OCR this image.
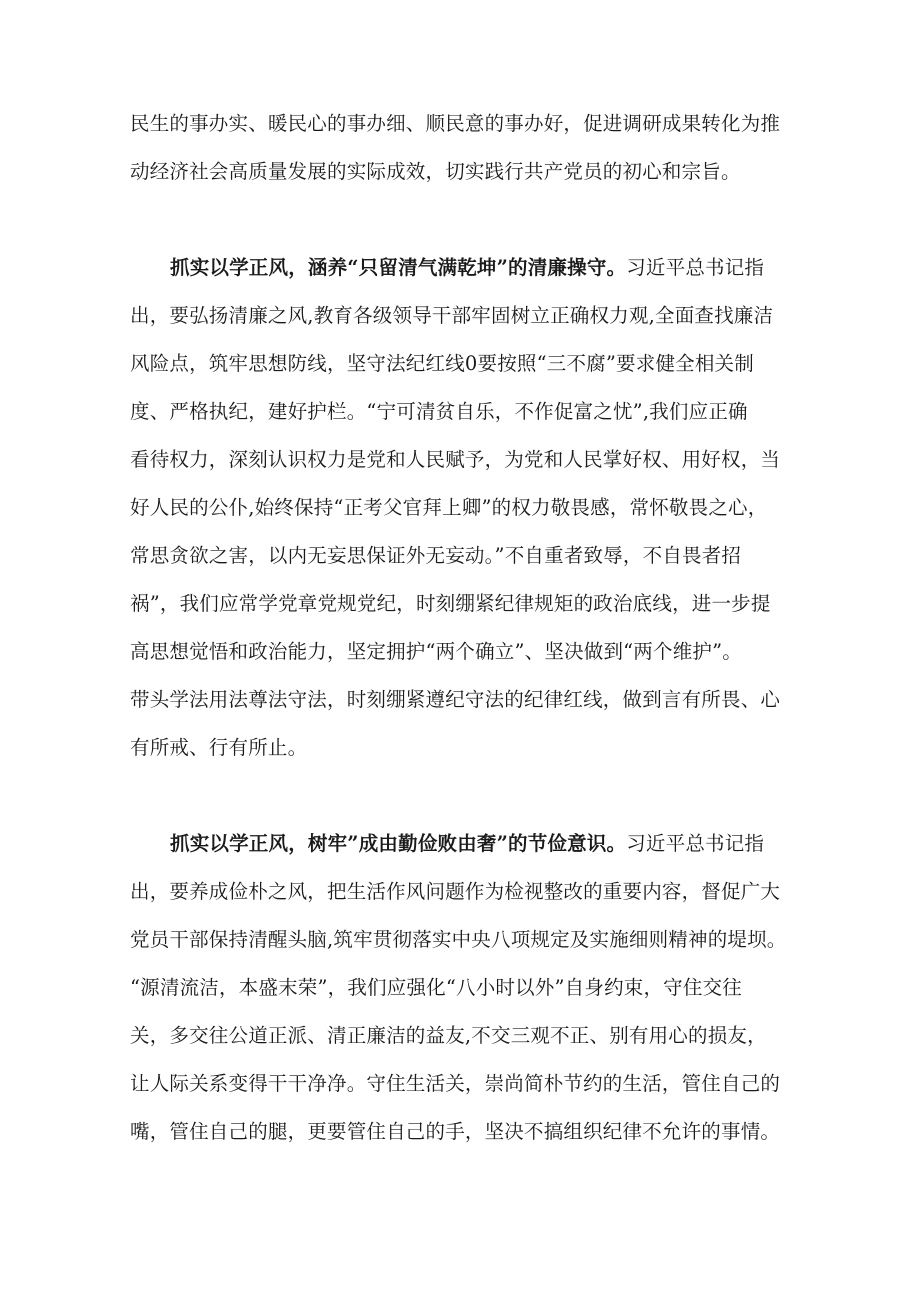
民生的事办实、暖民心的事办细、顺民意的事办好，促进调研成果转化为推
动经济社会高质量发展的实际成效，切实践行共产党员的初心和宗旨。
抓实以学正风，涵养“只留清气满乾坤”的清廉操守。习近平总书记指
出，要弘扬清廉之风,教育各级领导干部牢固树立正确权力观,全面查找廉洁
风险点，筑牢思想防线，坚守法纪红线0要按照“三不腐”要求健全相关制
度、严格执纪，建好护栏。“宁可清贫自乐，不作促富之忧”,我们应正确
看待权力，深刻认识权力是党和人民赋予，为党和人民掌好权、用好权，当
好人民的公仆,始终保持“正考父官拜上卿”的权力敬畏感，常怀敬畏之心，
常思贪欲之害，以内无妄思保证外无妄动。”不自重者致辱，不自畏者招
祸”，我们应常学党章党规党纪，时刻绷紧纪律规矩的政治底线，进一步提
高思想觉悟和政治能力，坚定拥护“两个确立”、坚决做到“两个维护”。
带头学法用法尊法守法，时刻绷紧遵纪守法的纪律红线，做到言有所畏、心
有所戒、行有所止。
抓实以学正风，树牢”成由勤俭败由奢”的节俭意识。习近平总书记指
出，要养成俭朴之风，把生活作风问题作为检视整改的重要内容，督促广大
党员干部保持清醒头脑,筑牢贯彻落实中央八项规定及实施细则精神的堤坝。
“源清流洁，本盛末荣”，我们应强化“八小时以外”自身约束，守住交往
关，多交往公道正派、清正廉洁的益友,不交三观不正、别有用心的损友，
让人际关系变得干干净净。守住生活关，崇尚简朴节约的生活，管住自己的
嘴，管住自己的腿，更要管住自己的手，坚决不搞组织纪律不允许的事情。
